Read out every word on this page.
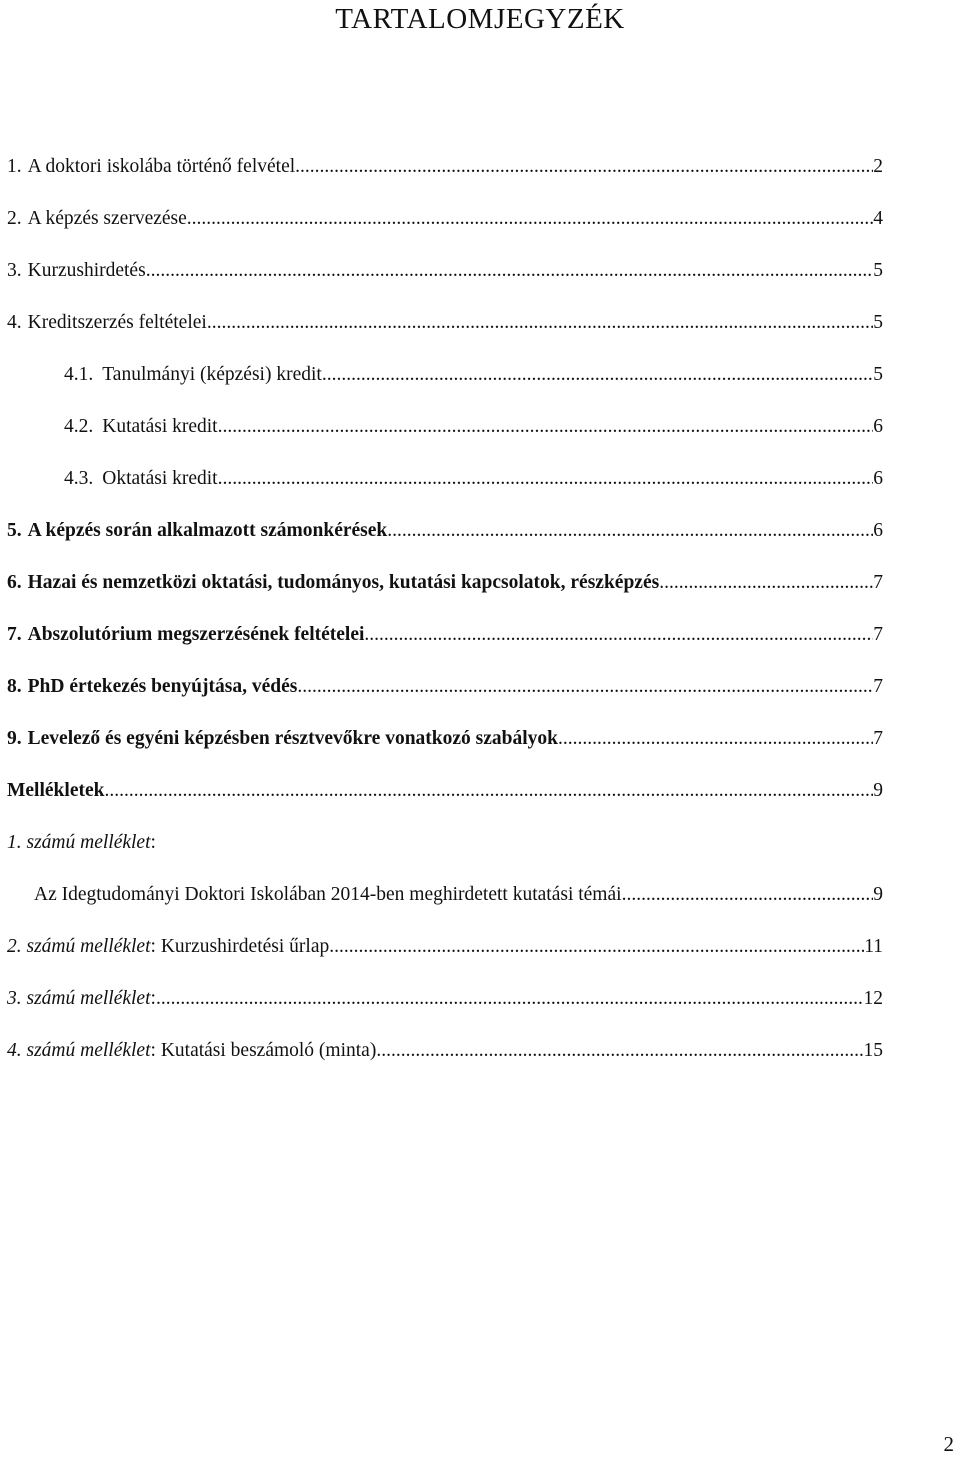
TARTALOMJEGYZÉK
1. A doktori iskolába történő felvétel .....	2
2. A képzés szervezése .....	4
3. Kurzushirdetés .....	5
4. Kreditszerzés feltételei .....	5
4.1. Tanulmányi (képzési) kredit .....	5
4.2. Kutatási kredit .....	6
4.3. Oktatási kredit .....	6
5. A képzés során alkalmazott számonkérések .....	6
6. Hazai és nemzetközi oktatási, tudományos, kutatási kapcsolatok, részképzés .....	7
7. Abszolutórium megszerzésének feltételei .....	7
8. PhD értekezés benyújtása, védés .....	7
9. Levelező és egyéni képzésben résztvevőkre vonatkozó szabályok .....	7
Mellékletek .....	9
1. számú melléklet:
Az Idegtudományi Doktori Iskolában 2014-ben meghirdetett kutatási témái .....	9
2. számú melléklet: Kurzushirdetési űrlap .....	11
3. számú melléklet: .....	12
4. számú melléklet: Kutatási beszámoló (minta) .....	15
2
